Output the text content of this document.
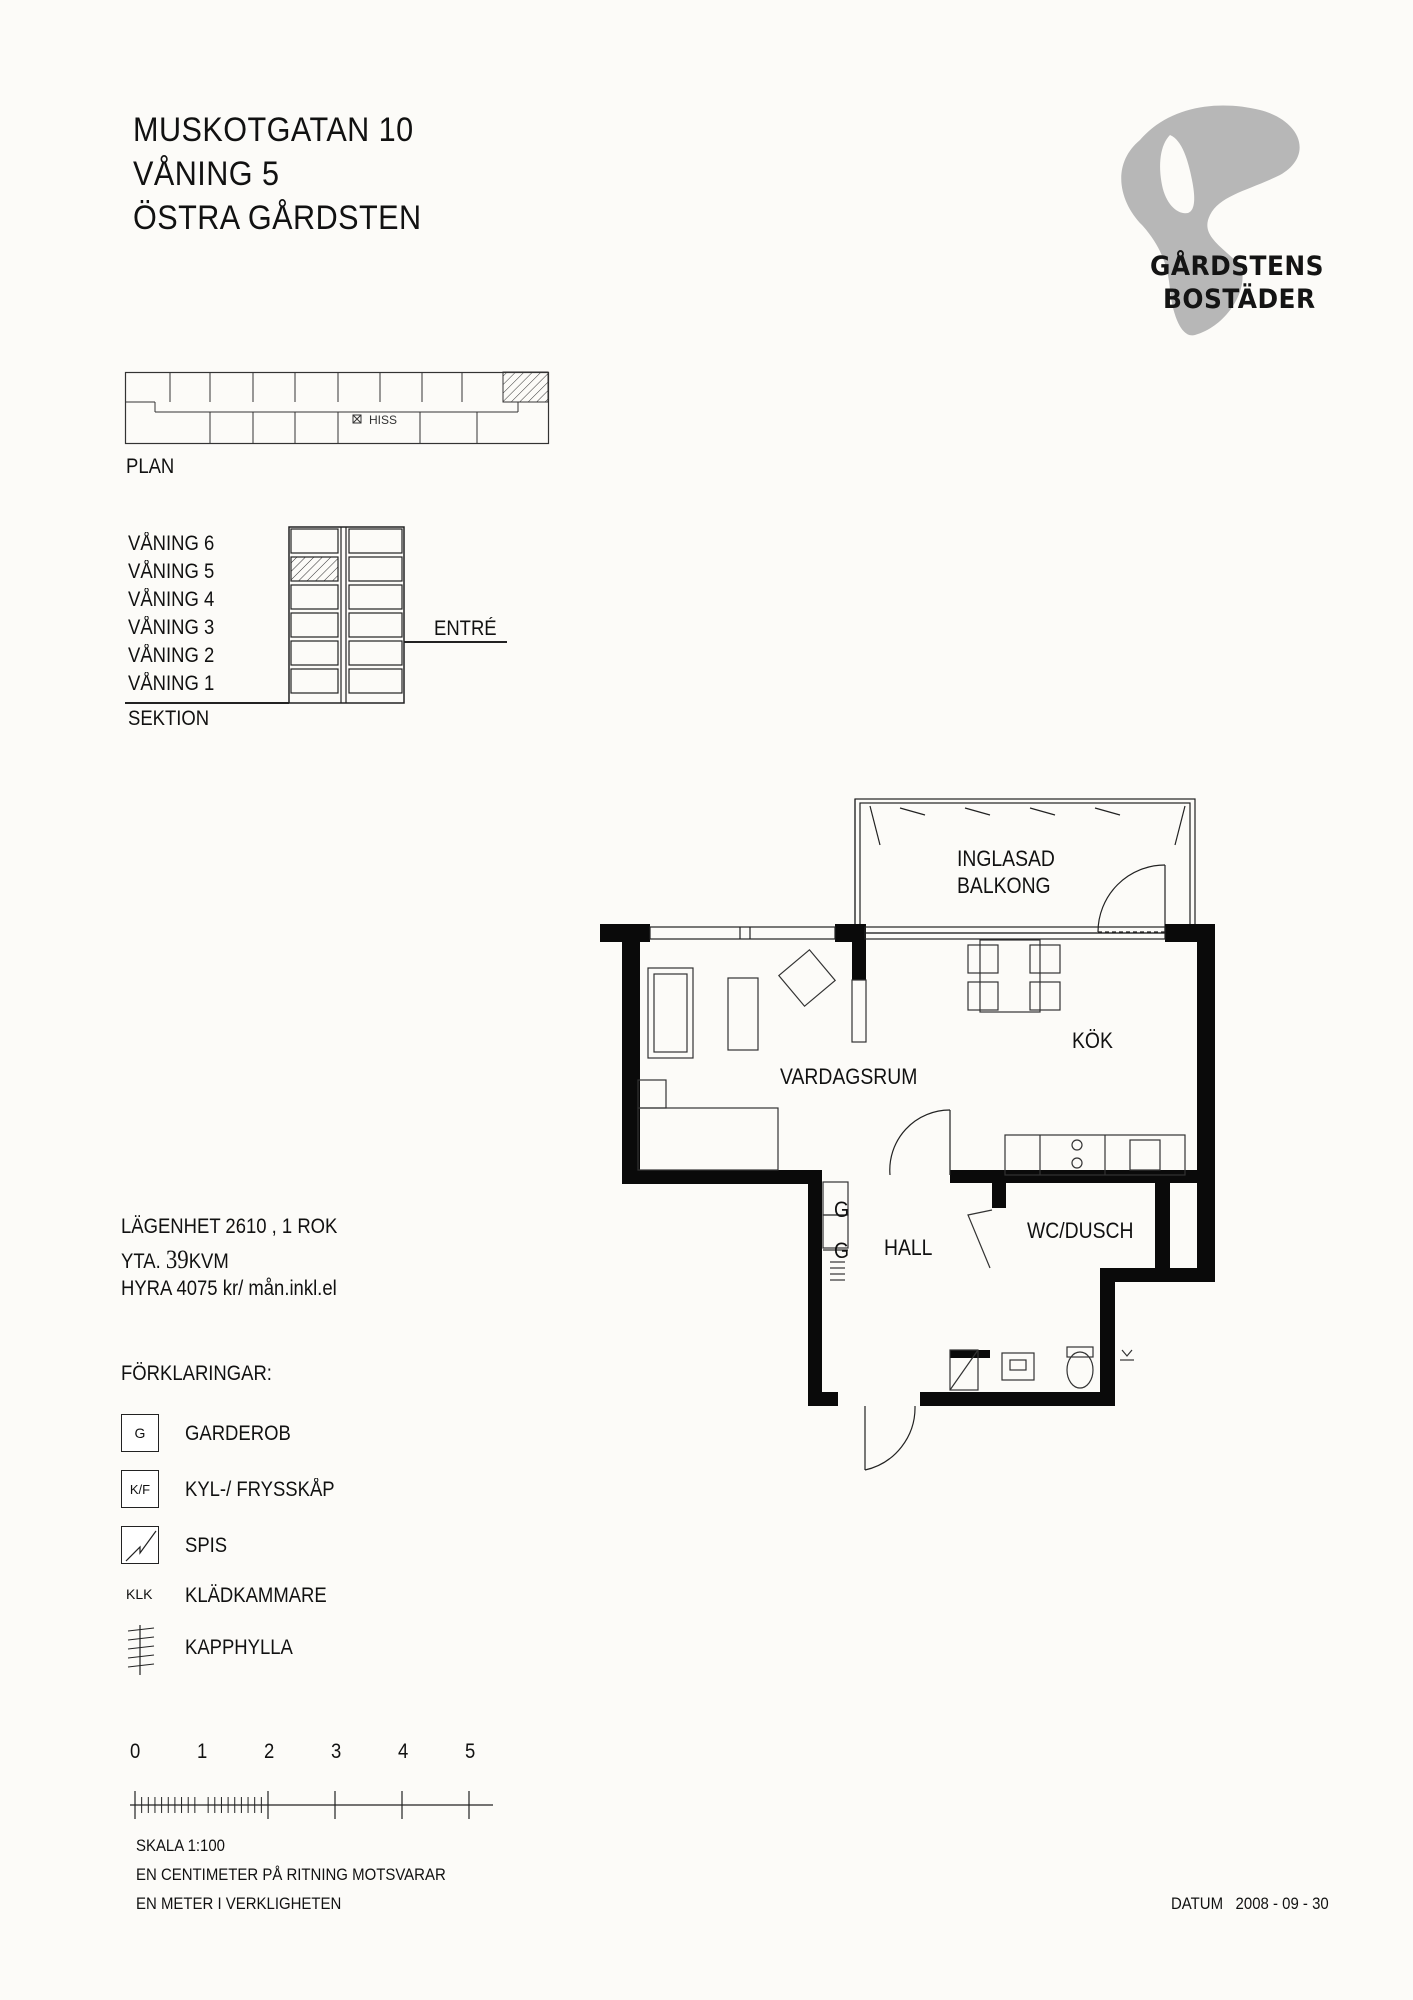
MUSKOTGATAN 10
VÅNING 5
ÖSTRA GÅRDSTEN
GÅRDSTENS
BOSTÄDER
HISS
PLAN
VÅNING 6
VÅNING 5
VÅNING 4
VÅNING 3
VÅNING 2
VÅNING 1
ENTRÉ
SEKTION
INGLASAD
BALKONG
KÖK
VARDAGSRUM
HALL
WC/DUSCH
G
G
LÄGENHET 2610 , 1 ROK
YTA. 39KVM
HYRA 4075 kr/ mån.inkl.el
FÖRKLARINGAR:
G GARDEROB
K/F KYL-/ FRYSSKÅP
SPIS
KLK KLÄDKAMMARE
KAPPHYLLA
0	1	2	3	4	5
SKALA 1:100
EN CENTIMETER PÅ RITNING MOTSVARAR
EN METER I VERKLIGHETEN	DATUM 2008 - 09 - 30
